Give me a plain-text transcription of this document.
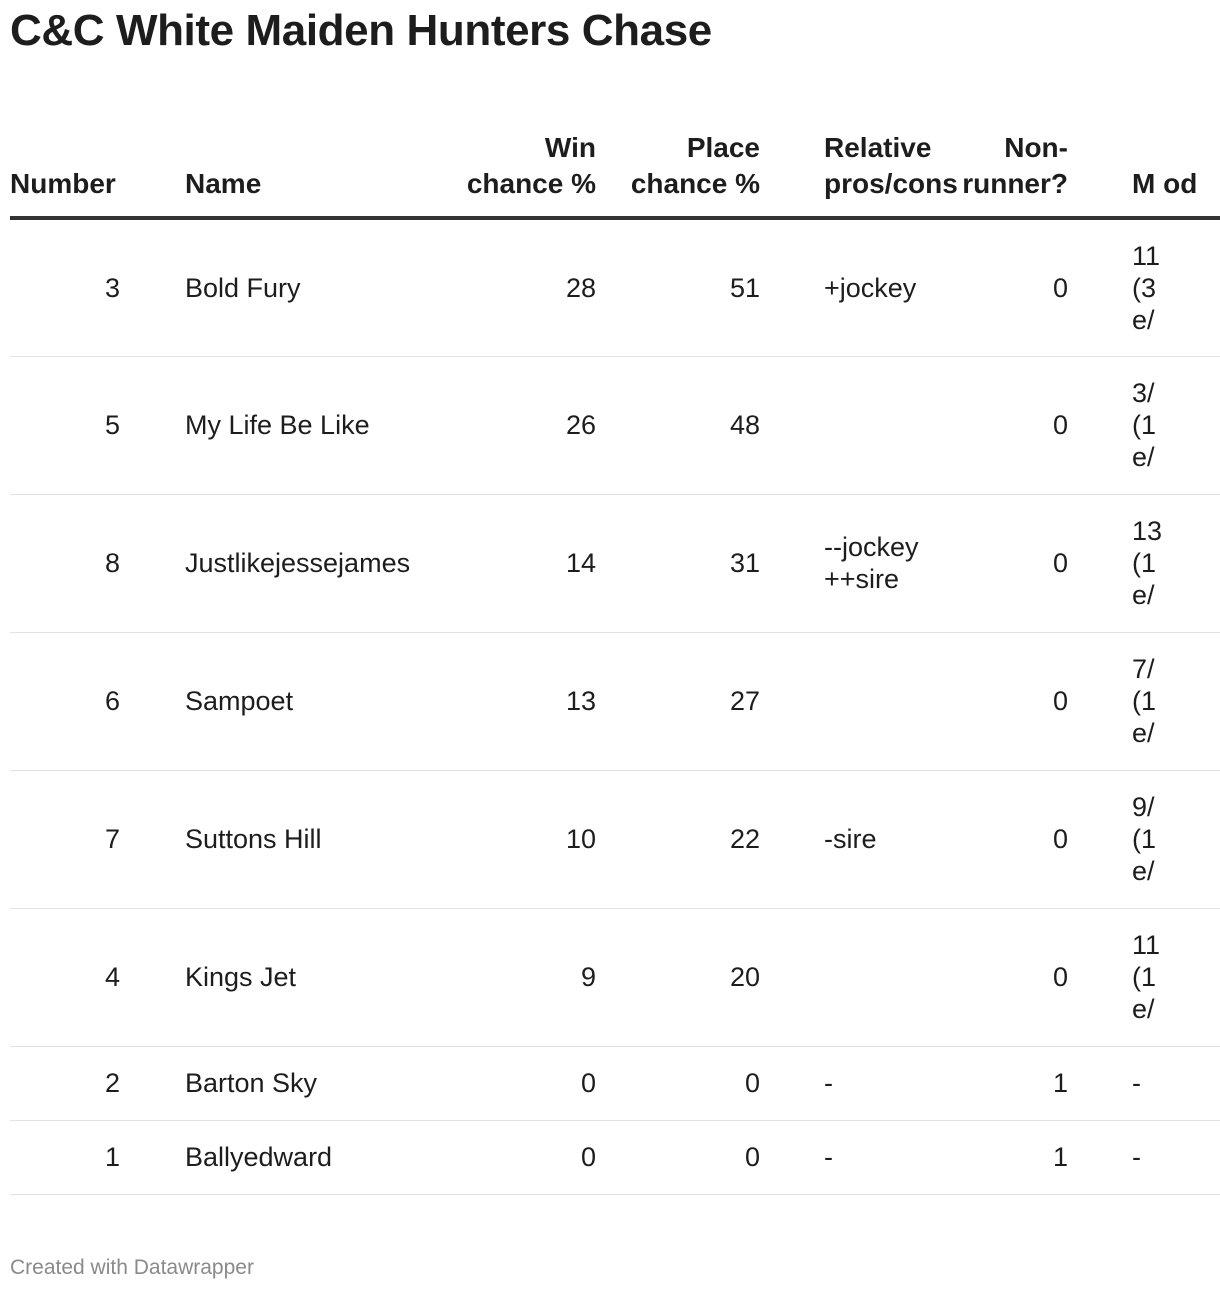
C&C White Maiden Hunters Chase
Number	Name	Win chance %	Place chance %	Relative pros/cons	Non-runner?	M od
3	Bold Fury	28	51	+jockey	0	11
(3
e/
5	My Life Be Like	26	48		0	3/
(1
e/
8	Justlikejessejames	14	31	--jockey
++sire	0	13
(1
e/
6	Sampoet	13	27		0	7/
(1
e/
7	Suttons Hill	10	22	-sire	0	9/
(1
e/
4	Kings Jet	9	20		0	11
(1
e/
2	Barton Sky	0	0	-	1	-
1	Ballyedward	0	0	-	1	-
Created with Datawrapper
